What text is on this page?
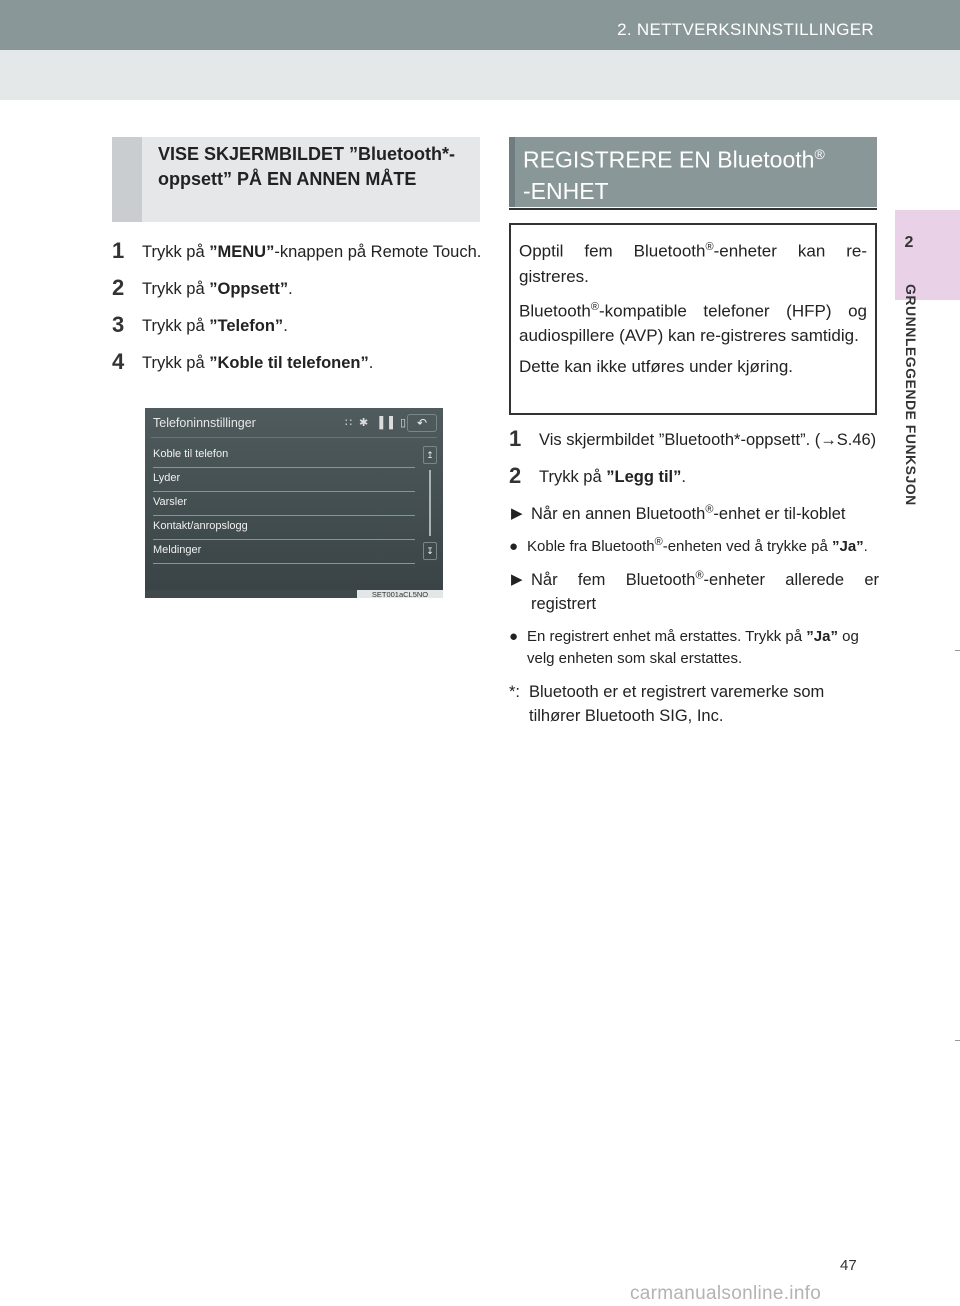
2. NETTVERKSINNSTILLINGER
2
GRUNNLEGGENDE FUNKSJON
VISE SKJERMBILDET ”Bluetooth*-oppsett” PÅ EN ANNEN MÅTE
1 Trykk på ”MENU”-knappen på Remote Touch.
2 Trykk på ”Oppsett”.
3 Trykk på ”Telefon”.
4 Trykk på ”Koble til telefonen”.
Telefoninnstillinger	∷ ✱ ▐▐ ▯ ↶
Koble til telefon
Lyder
Varsler
Kontakt/anropslogg
Meldinger
↥
↧
SET001aCL5NO
REGISTRERE EN Bluetooth®
-ENHET

Opptil fem Bluetooth®-enheter kan re-gistreres.

Bluetooth®-kompatible telefoner (HFP) og audiospillere (AVP) kan re-gistreres samtidig.

Dette kan ikke utføres under kjøring.

1 Vis skjermbildet ”Bluetooth*-oppsett”. (→S.46)
2 Trykk på ”Legg til”.
▶ Når en annen Bluetooth®-enhet er til-koblet
● Koble fra Bluetooth®-enheten ved å trykke på ”Ja”.
▶ Når fem Bluetooth®-enheter allerede er registrert
● En registrert enhet må erstattes. Trykk på ”Ja” og velg enheten som skal erstattes.
*: Bluetooth er et registrert varemerke som tilhører Bluetooth SIG, Inc.
47
carmanualsonline.info
